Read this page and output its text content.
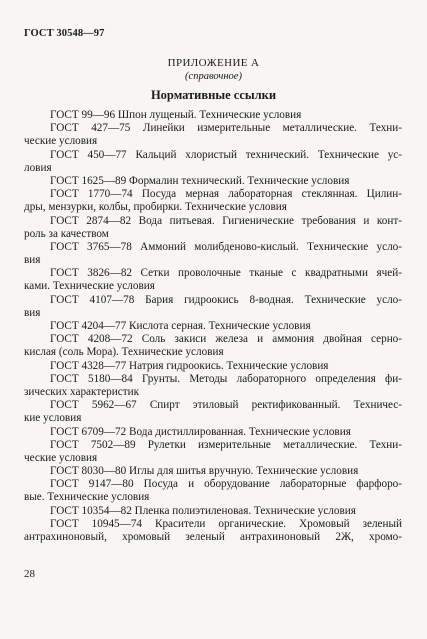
ГОСТ 30548—97
ПРИЛОЖЕНИЕ А
(справочное)
Нормативные ссылки
ГОСТ 99—96 Шпон лущеный. Технические условия
ГОСТ 427—75 Линейки измерительные металлические. Техни-
ческие условия
ГОСТ 450—77 Кальций хлористый технический. Технические ус-
ловия
ГОСТ 1625—89 Формалин технический. Технические условия
ГОСТ 1770—74 Посуда мерная лабораторная стеклянная. Цилин-
дры, мензурки, колбы, пробирки. Технические условия
ГОСТ 2874—82 Вода питьевая. Гигиенические требования и конт-
роль за качеством
ГОСТ 3765—78 Аммоний молибденово-кислый. Технические усло-
вия
ГОСТ 3826—82 Сетки проволочные тканые с квадратными ячей-
ками. Технические условия
ГОСТ 4107—78 Бария гидроокись 8-водная. Технические усло-
вия
ГОСТ 4204—77 Кислота серная. Технические условия
ГОСТ 4208—72 Соль закиси железа и аммония двойная серно-
кислая (соль Мора). Технические условия
ГОСТ 4328—77 Натрия гидроокись. Технические условия
ГОСТ 5180—84 Грунты. Методы лабораторного определения фи-
зических характеристик
ГОСТ 5962—67 Спирт этиловый ректификованный. Техничес-
кие условия
ГОСТ 6709—72 Вода дистиллированная. Технические условия
ГОСТ 7502—89 Рулетки измерительные металлические. Техни-
ческие условия
ГОСТ 8030—80 Иглы для шитья вручную. Технические условия
ГОСТ 9147—80 Посуда и оборудование лабораторные фарфоро-
вые. Технические условия
ГОСТ 10354—82 Пленка полиэтиленовая. Технические условия
ГОСТ 10945—74 Красители органические. Хромовый зеленый
антрахиноновый, хромовый зеленый антрахиноновый 2Ж, хромо-
28
